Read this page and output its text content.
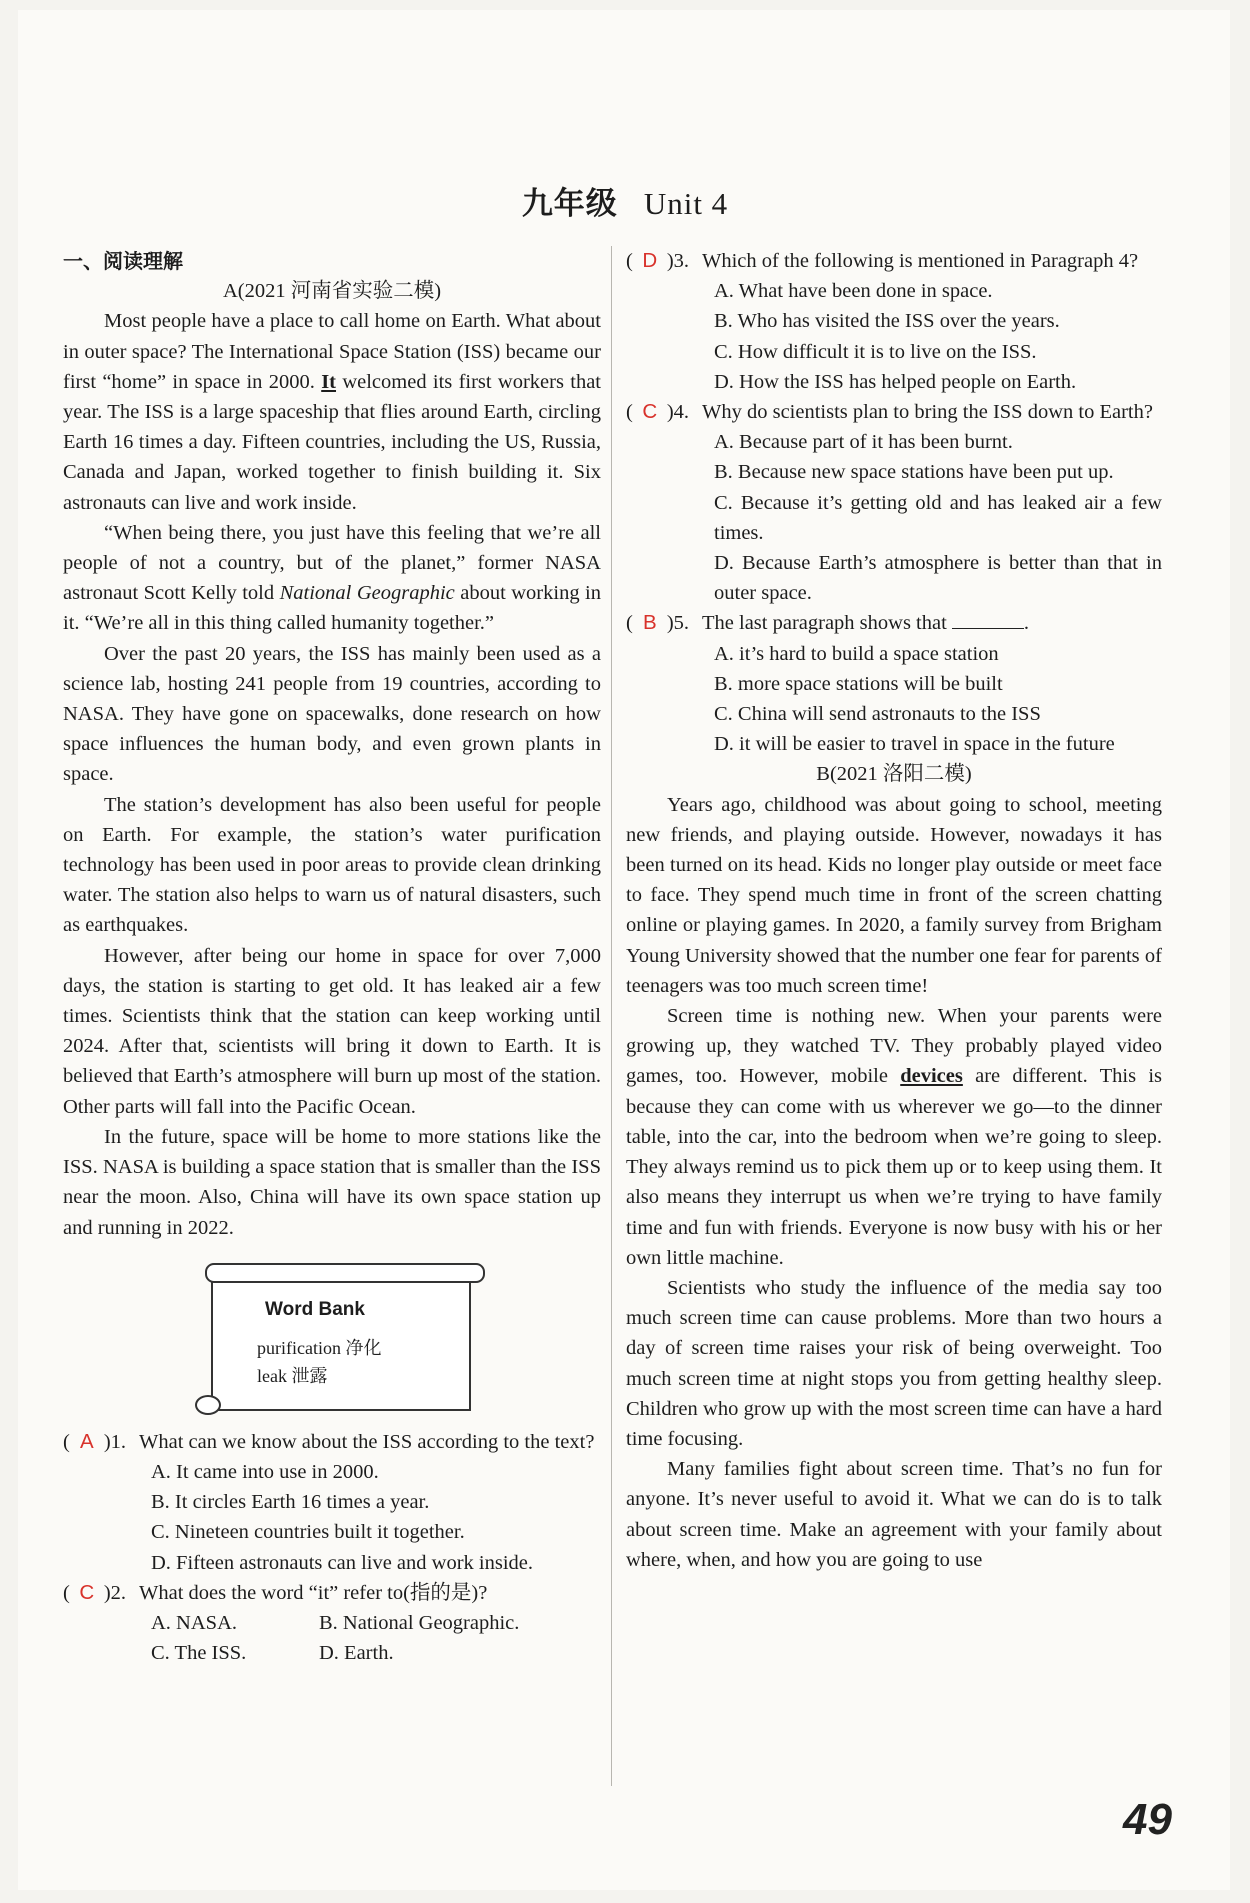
九年级 Unit 4
一、阅读理解
A(2021 河南省实验二模)

Most people have a place to call home on Earth. What about in outer space? The International Space Station (ISS) became our first “home” in space in 2000. It welcomed its first workers that year. The ISS is a large spaceship that flies around Earth, circling Earth 16 times a day. Fifteen countries, including the US, Russia, Canada and Japan, worked together to finish building it. Six astronauts can live and work inside.

“When being there, you just have this feeling that we’re all people of not a country, but of the planet,” former NASA astronaut Scott Kelly told National Geographic about working in it. “We’re all in this thing called humanity together.”

Over the past 20 years, the ISS has mainly been used as a science lab, hosting 241 people from 19 countries, according to NASA. They have gone on spacewalks, done research on how space influences the human body, and even grown plants in space.

The station’s development has also been useful for people on Earth. For example, the station’s water purification technology has been used in poor areas to provide clean drinking water. The station also helps to warn us of natural disasters, such as earthquakes.

However, after being our home in space for over 7,000 days, the station is starting to get old. It has leaked air a few times. Scientists think that the station can keep working until 2024. After that, scientists will bring it down to Earth. It is believed that Earth’s atmosphere will burn up most of the station. Other parts will fall into the Pacific Ocean.

In the future, space will be home to more stations like the ISS. NASA is building a space station that is smaller than the ISS near the moon. Also, China will have its own space station up and running in 2022.

Word Bank
purification 净化
leak 泄露
( A )1. What can we know about the ISS according to the text?
A. It came into use in 2000.
B. It circles Earth 16 times a year.
C. Nineteen countries built it together.
D. Fifteen astronauts can live and work inside.
( C )2. What does the word “it” refer to(指的是)?
A. NASA.	B. National Geographic.
C. The ISS.	D. Earth.
( D )3. Which of the following is mentioned in Paragraph 4?
A. What have been done in space.
B. Who has visited the ISS over the years.
C. How difficult it is to live on the ISS.
D. How the ISS has helped people on Earth.
( C )4. Why do scientists plan to bring the ISS down to Earth?
A. Because part of it has been burnt.
B. Because new space stations have been put up.
C. Because it’s getting old and has leaked air a few times.
D. Because Earth’s atmosphere is better than that in outer space.
( B )5. The last paragraph shows that	.
A. it’s hard to build a space station
B. more space stations will be built
C. China will send astronauts to the ISS
D. it will be easier to travel in space in the future
B(2021 洛阳二模)

Years ago, childhood was about going to school, meeting new friends, and playing outside. However, nowadays it has been turned on its head. Kids no longer play outside or meet face to face. They spend much time in front of the screen chatting online or playing games. In 2020, a family survey from Brigham Young University showed that the number one fear for parents of teenagers was too much screen time!

Screen time is nothing new. When your parents were growing up, they watched TV. They probably played video games, too. However, mobile devices are different. This is because they can come with us wherever we go—to the dinner table, into the car, into the bedroom when we’re going to sleep. They always remind us to pick them up or to keep using them. It also means they interrupt us when we’re trying to have family time and fun with friends. Everyone is now busy with his or her own little machine.

Scientists who study the influence of the media say too much screen time can cause problems. More than two hours a day of screen time raises your risk of being overweight. Too much screen time at night stops you from getting healthy sleep. Children who grow up with the most screen time can have a hard time focusing.

Many families fight about screen time. That’s no fun for anyone. It’s never useful to avoid it. What we can do is to talk about screen time. Make an agreement with your family about where, when, and how you are going to use

49
